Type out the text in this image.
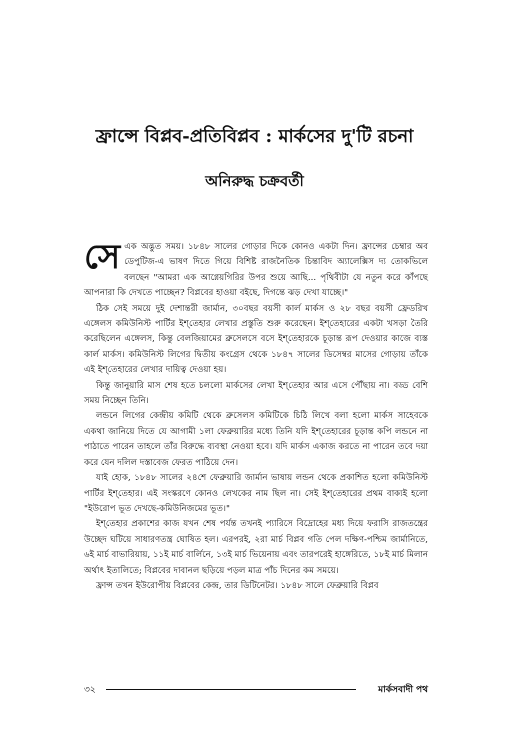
ফ্রান্সে বিপ্লব-প্রতিবিপ্লব : মার্কসের দু'টি রচনা
অনিরুদ্ধ চক্রবর্তী

সে এক অদ্ভুত সময়। ১৮৪৮ সালের গোড়ার দিকে কোনও একটা দিন। ফ্রান্সের চেম্বার অব ডেপুটিজ-এ ভাষণ দিতে গিয়ে বিশিষ্ট রাজনৈতিক চিন্তাবিদ অ্যালেক্সিস দ্য তোকভিলে বলছেন "আমরা এক আগ্নেয়গিরির উপর শুয়ে আছি... পৃথিবীটা যে নতুন করে কাঁপছে আপনারা কি দেখতে পাচ্ছেন? বিপ্লবের হাওয়া বইছে, দিগন্তে ঝড় দেখা যাচ্ছে।"

ঠিক সেই সময়ে দুই দেশান্তরী জার্মান, ৩০বছর বয়সী কার্ল মার্কস ও ২৮ বছর বয়সী ফ্রেডরিখ এঙ্গেলস কমিউনিস্ট পার্টির ইশ্‌তেহার লেখার প্রস্তুতি শুরু করেছেন। ইশ্‌তেহারের একটা খসড়া তৈরি করেছিলেন এঙ্গেলস, কিন্তু বেলজিয়ামের ব্রুসেলসে বসে ইশ্‌তেহারকে চূড়ান্ত রূপ দেওয়ার কাজে ব্যস্ত কার্ল মার্কস। কমিউনিস্ট লিগের দ্বিতীয় কংগ্রেস থেকে ১৮৪৭ সালের ডিসেম্বর মাসের গোড়ায় তাঁকে এই ইশ্‌তেহারের লেখার দায়িত্ব দেওয়া হয়।

কিন্তু জানুয়ারি মাস শেষ হতে চললো মার্কসের লেখা ইশ্‌তেহার আর এসে পৌঁছায় না। বড্ড বেশি সময় নিচ্ছেন তিনি।

লন্ডনে লিগের কেন্দ্রীয় কমিটি থেকে ব্রুসেলস কমিটিকে চিঠি লিখে বলা হলো মার্কস সাহেবকে একথা জানিয়ে দিতে যে আগামী ১লা ফেব্রুয়ারির মধ্যে তিনি যদি ইশ্‌তেহারের চূড়ান্ত কপি লন্ডনে না পাঠাতে পারেন তাহলে তাঁর বিরুদ্ধে ব্যবস্থা নেওয়া হবে। যদি মার্কস একাজ করতে না পারেন তবে দয়া করে যেন দলিল দস্তাবেজ ফেরত পাঠিয়ে দেন।

যাই হোক, ১৮৪৮ সালের ২৪শে ফেব্রুয়ারি জার্মান ভাষায় লন্ডন থেকে প্রকাশিত হলো কমিউনিস্ট পার্টির ইশ্‌তেহার। এই সংস্করণে কোনও লেখকের নাম ছিল না। সেই ইশ্‌তেহারের প্রথম বাক্যই হলো "ইউরোপ ভূত দেখছে-কমিউনিজমের ভূত।"

ইশ্‌তেহার প্রকাশের কাজ যখন শেষ পর্যন্ত তখনই প্যারিসে বিদ্রোহের মধ্য দিয়ে ফরাসি রাজতন্ত্রের উচ্ছেদ ঘটিয়ে সাধারণতন্ত্র ঘোষিত হল। এরপরই, ২রা মার্চ বিপ্লব গতি পেল দক্ষিণ-পশ্চিম জার্মানিতে, ৬ই মার্চ বাভারিয়ায়, ১১ই মার্চ বার্লিনে, ১৩ই মার্চ ভিয়েনায় এবং তারপরেই হাঙ্গেরিতে, ১৮ই মার্চ মিলান অর্থাৎ ইতালিতে; বিপ্লবের দাবানল ছড়িয়ে পড়ল মাত্র পাঁচ দিনের কম সময়ে।

ফ্রান্স তখন ইউরোপীয় বিপ্লবের কেন্দ্র, তার ডিটিনেটর। ১৮৪৮ সালে ফেব্রুয়ারি বিপ্লব

৩২	মার্কসবাদী পথ
